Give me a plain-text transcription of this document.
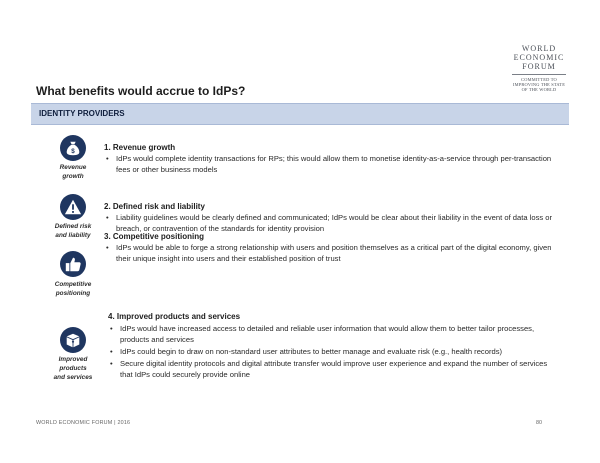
WORLD
ECONOMIC
FORUM
COMMITTED TO
IMPROVING THE STATE
OF THE WORLD
What benefits would accrue to IdPs?
IDENTITY PROVIDERS
$
Revenue
growth
1. Revenue growth
• IdPs would complete identity transactions for RPs; this would allow them to monetise identity-as-a-service through per-transaction fees or other business models
Defined risk
and liability
2. Defined risk and liability
• Liability guidelines would be clearly defined and communicated; IdPs would be clear about their liability in the event of data loss or breach, or contravention of the standards for identity provision
Competitive
positioning
3. Competitive positioning
• IdPs would be able to forge a strong relationship with users and position themselves as a critical part of the digital economy, given their unique insight into users and their established position of trust
Improved
products
and services
4. Improved products and services
• IdPs would have increased access to detailed and reliable user information that would allow them to better tailor processes, products and services
• IdPs could begin to draw on non-standard user attributes to better manage and evaluate risk (e.g., health records)
• Secure digital identity protocols and digital attribute transfer would improve user experience and expand the number of services that IdPs could securely provide online
WORLD ECONOMIC FORUM | 2016	80
